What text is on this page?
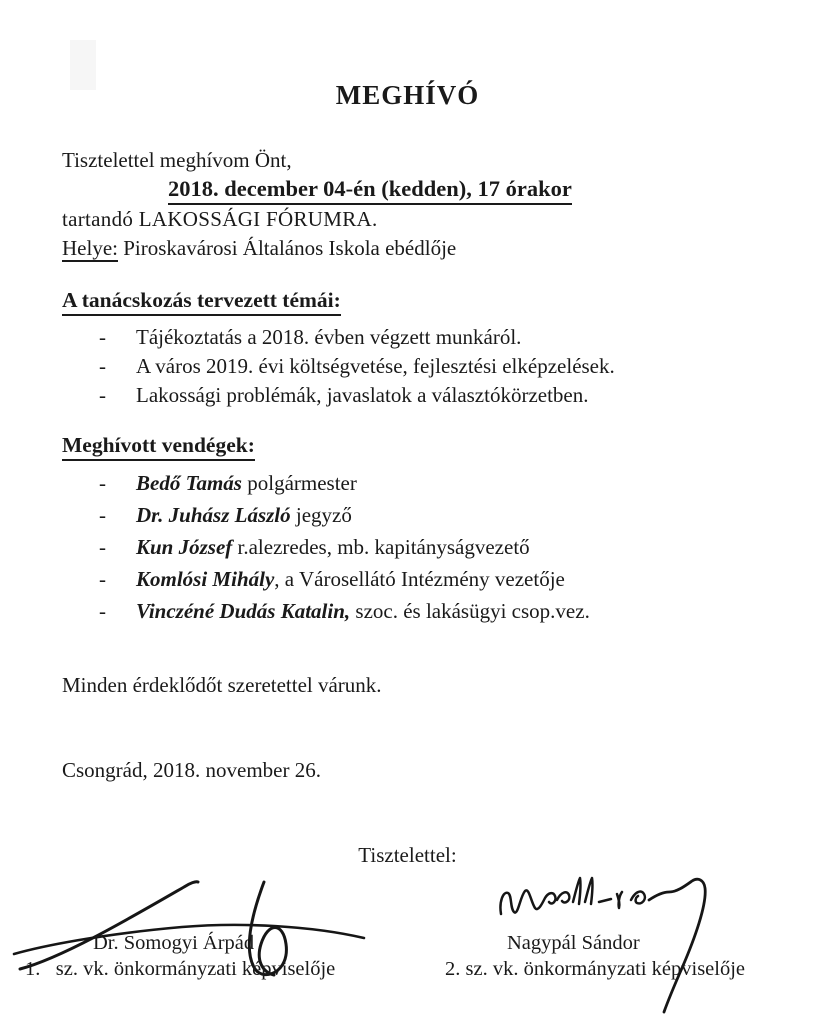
MEGHÍVÓ
Tisztelettel meghívom Önt,
2018. december 04-én (kedden), 17 órakor
tartandó LAKOSSÁGI FÓRUMRA.
Helye: Piroskavárosi Általános Iskola ebédlője
A tanácskozás tervezett témái:
-	Tájékoztatás a 2018. évben végzett munkáról.
-	A város 2019. évi költségvetése, fejlesztési elképzelések.
-	Lakossági problémák, javaslatok a választókörzetben.
Meghívott vendégek:
-	Bedő Tamás polgármester
-	Dr. Juhász László jegyző
-	Kun József r.alezredes, mb. kapitányságvezető
-	Komlósi Mihály, a Városellátó Intézmény vezetője
-	Vinczéné Dudás Katalin, szoc. és lakásügyi csop.vez.
Minden érdeklődőt szeretettel várunk.
Csongrád, 2018. november 26.
Tisztelettel:
Dr. Somogyi Árpád
1.   sz. vk. önkormányzati képviselője
Nagypál Sándor
2. sz. vk. önkormányzati képviselője
